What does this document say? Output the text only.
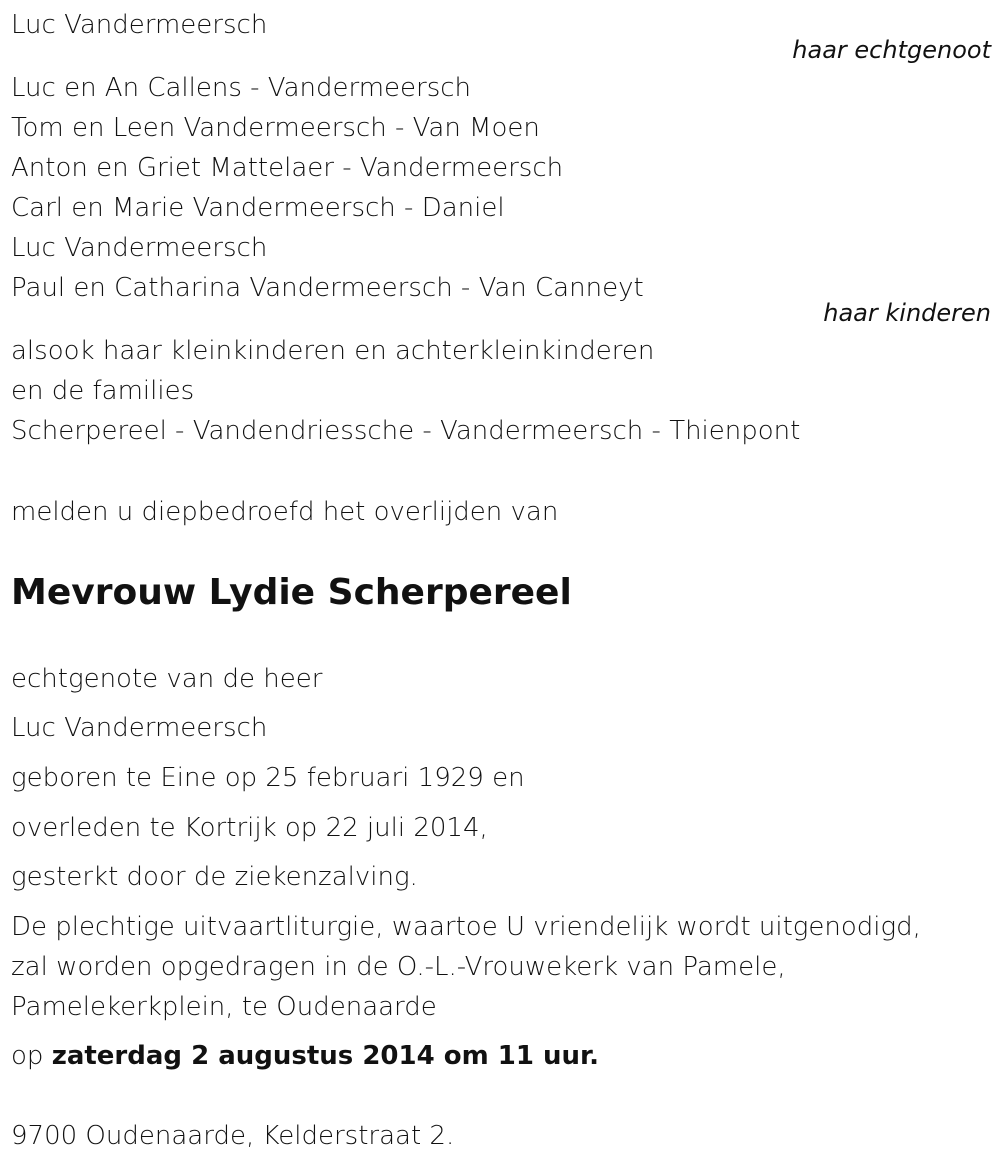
Luc Vandermeersch
haar echtgenoot
Luc en An Callens - Vandermeersch
Tom en Leen Vandermeersch - Van Moen
Anton en Griet Mattelaer - Vandermeersch
Carl en Marie Vandermeersch - Daniel
Luc Vandermeersch
Paul en Catharina Vandermeersch - Van Canneyt
haar kinderen
alsook haar kleinkinderen en achterkleinkinderen
en de families
Scherpereel - Vandendriessche - Vandermeersch - Thienpont
melden u diepbedroefd het overlijden van
Mevrouw Lydie Scherpereel
echtgenote van de heer
Luc Vandermeersch
geboren te Eine op 25 februari 1929 en
overleden te Kortrijk op 22 juli 2014,
gesterkt door de ziekenzalving.
De plechtige uitvaartliturgie, waartoe U vriendelijk wordt uitgenodigd,
zal worden opgedragen in de O.-L.-Vrouwekerk van Pamele,
Pamelekerkplein, te Oudenaarde
op zaterdag 2 augustus 2014 om 11 uur.
9700 Oudenaarde, Kelderstraat 2.
